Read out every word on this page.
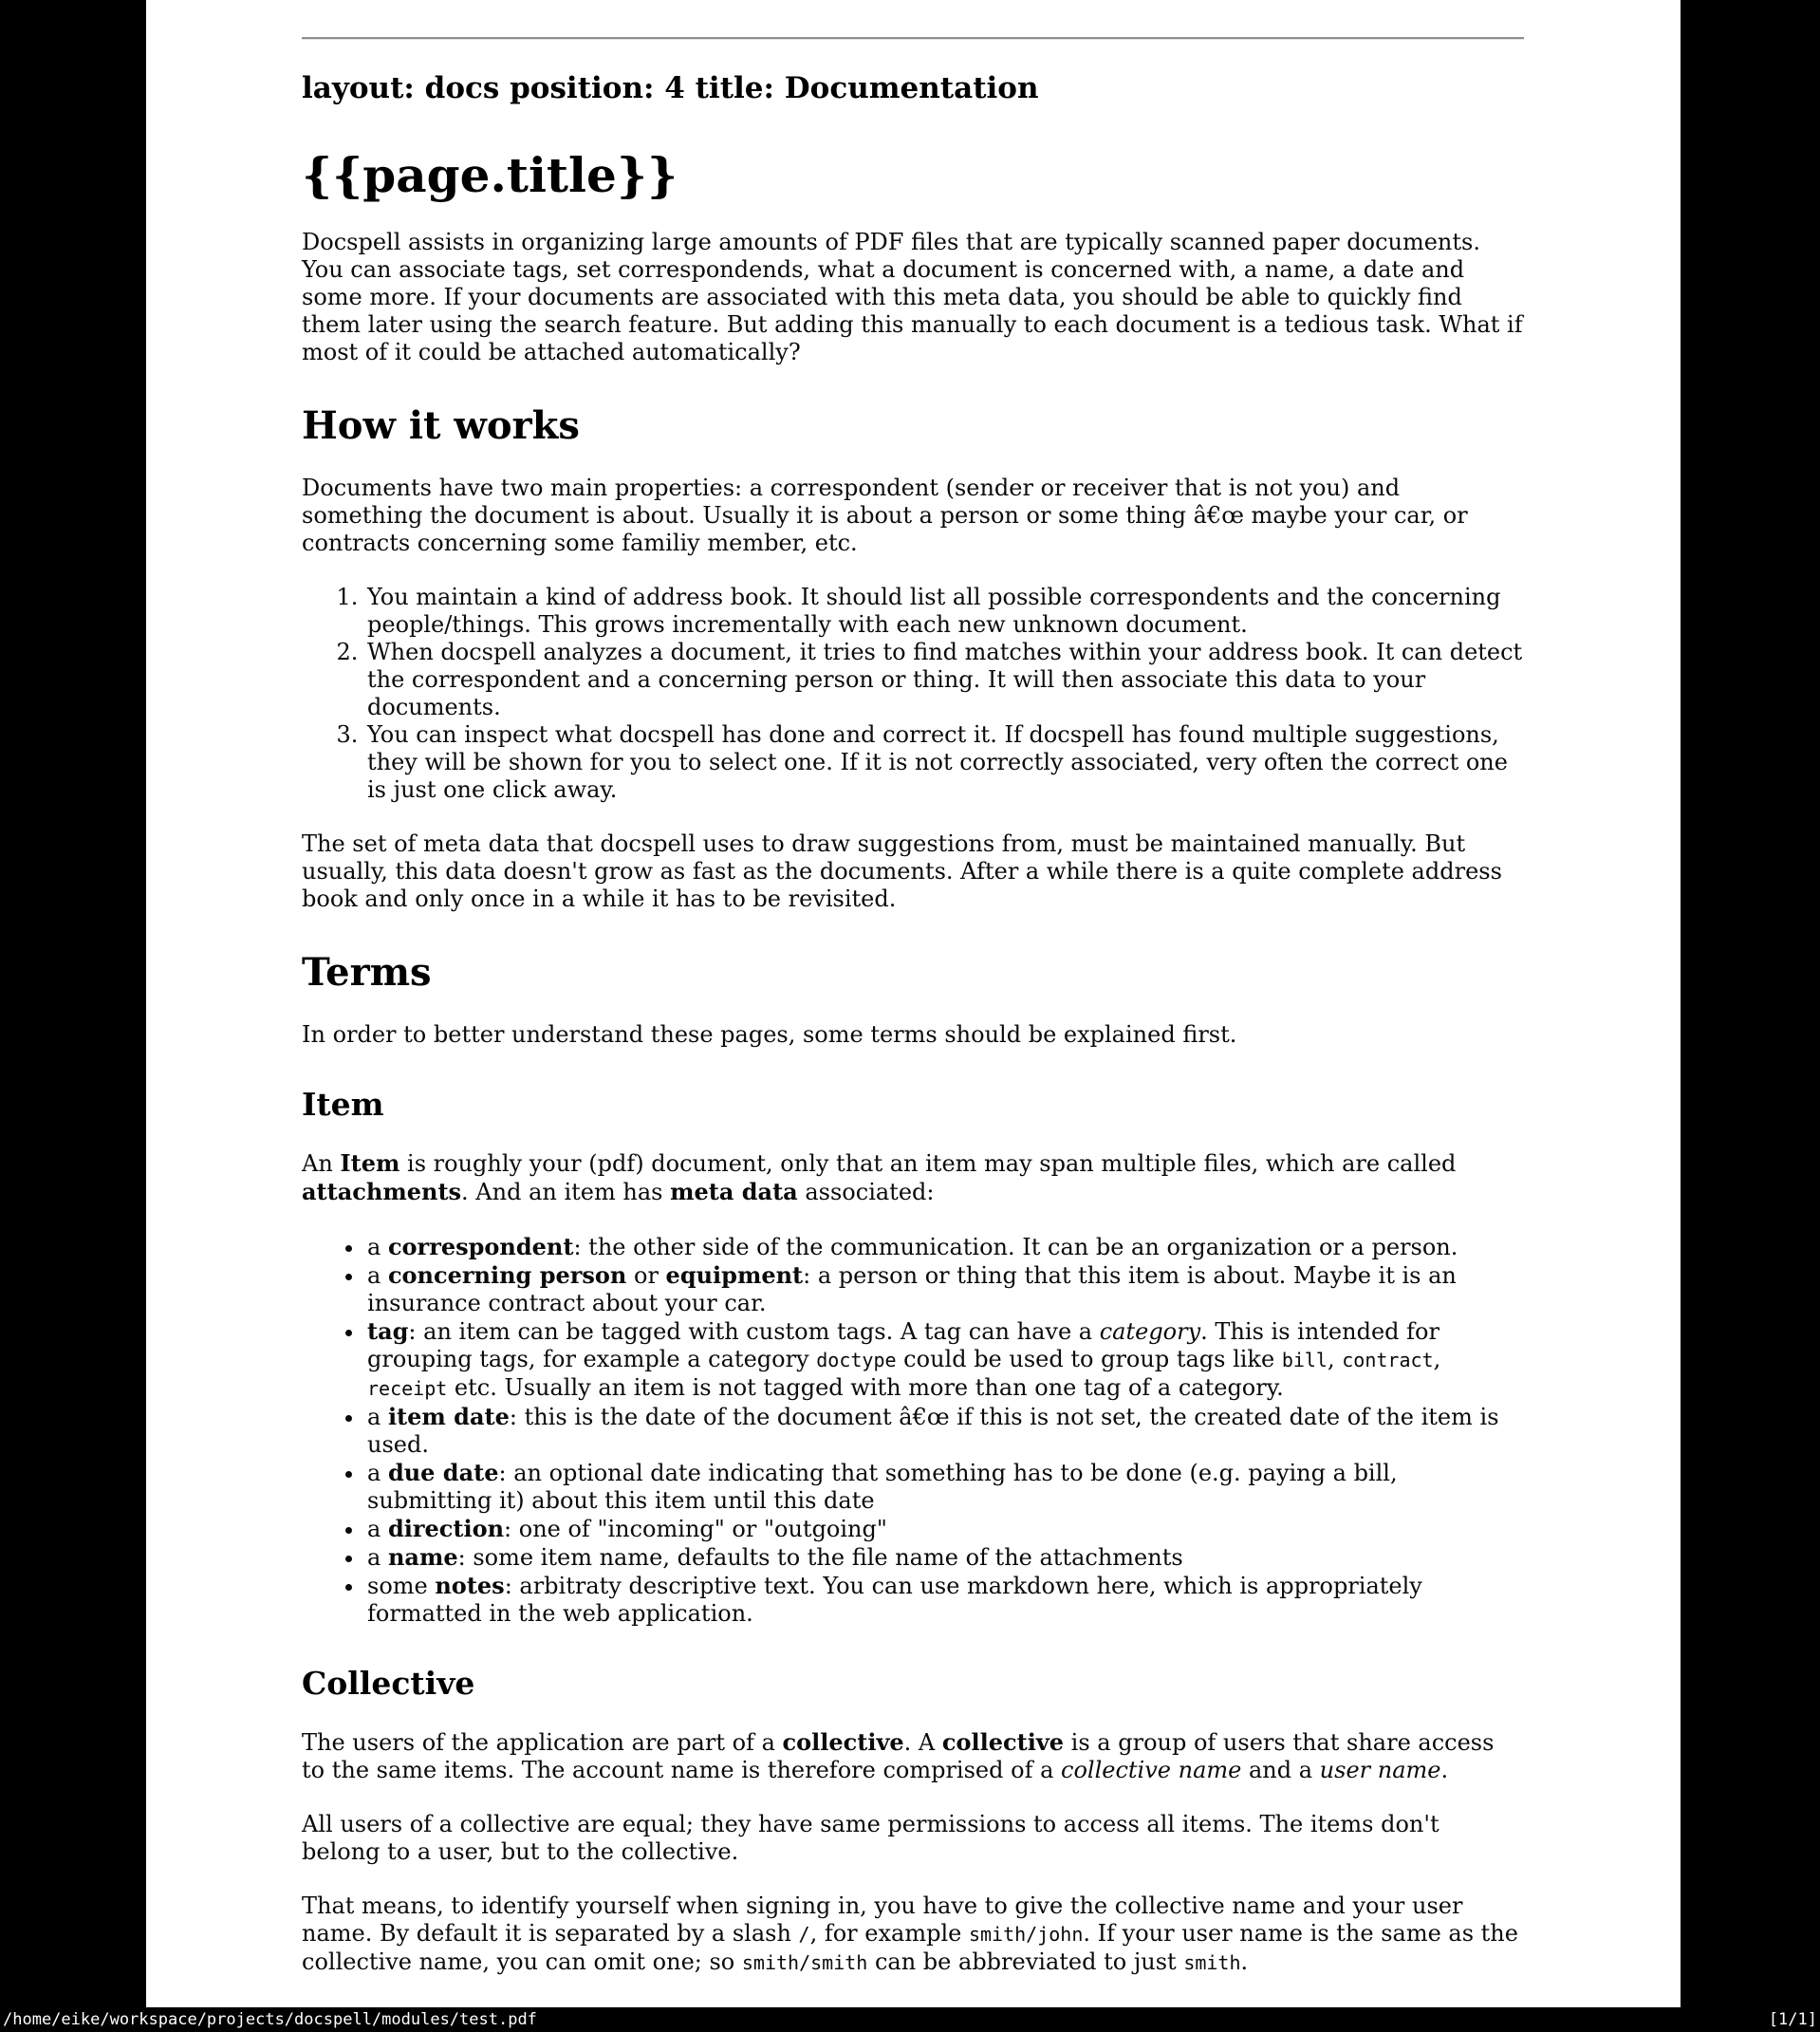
layout: docs position: 4 title: Documentation
{{page.title}}

Docspell assists in organizing large amounts of PDF files that are typically scanned paper documents. You can associate tags, set correspondends, what a document is concerned with, a name, a date and some more. If your documents are associated with this meta data, you should be able to quickly find them later using the search feature. But adding this manually to each document is a tedious task. What if most of it could be attached automatically?

How it works

Documents have two main properties: a correspondent (sender or receiver that is not you) and something the document is about. Usually it is about a person or some thing â€œ maybe your car, or contracts concerning some familiy member, etc.

1. You maintain a kind of address book. It should list all possible correspondents and the concerning people/things. This grows incrementally with each new unknown document.
2. When docspell analyzes a document, it tries to find matches within your address book. It can detect the correspondent and a concerning person or thing. It will then associate this data to your documents.
3. You can inspect what docspell has done and correct it. If docspell has found multiple suggestions, they will be shown for you to select one. If it is not correctly associated, very often the correct one is just one click away.

The set of meta data that docspell uses to draw suggestions from, must be maintained manually. But usually, this data doesn't grow as fast as the documents. After a while there is a quite complete address book and only once in a while it has to be revisited.

Terms

In order to better understand these pages, some terms should be explained first.

Item

An Item is roughly your (pdf) document, only that an item may span multiple files, which are called attachments. And an item has meta data associated:

• a correspondent: the other side of the communication. It can be an organization or a person.
• a concerning person or equipment: a person or thing that this item is about. Maybe it is an insurance contract about your car.
• tag: an item can be tagged with custom tags. A tag can have a category. This is intended for grouping tags, for example a category doctype could be used to group tags like bill, contract, receipt etc. Usually an item is not tagged with more than one tag of a category.
• a item date: this is the date of the document â€œ if this is not set, the created date of the item is used.
• a due date: an optional date indicating that something has to be done (e.g. paying a bill, submitting it) about this item until this date
• a direction: one of "incoming" or "outgoing"
• a name: some item name, defaults to the file name of the attachments
• some notes: arbitraty descriptive text. You can use markdown here, which is appropriately formatted in the web application.
Collective

The users of the application are part of a collective. A collective is a group of users that share access to the same items. The account name is therefore comprised of a collective name and a user name.

All users of a collective are equal; they have same permissions to access all items. The items don't belong to a user, but to the collective.

That means, to identify yourself when signing in, you have to give the collective name and your user name. By default it is separated by a slash /, for example smith/john. If your user name is the same as the collective name, you can omit one; so smith/smith can be abbreviated to just smith.

/home/eike/workspace/projects/docspell/modules/test.pdf	[1/1]
